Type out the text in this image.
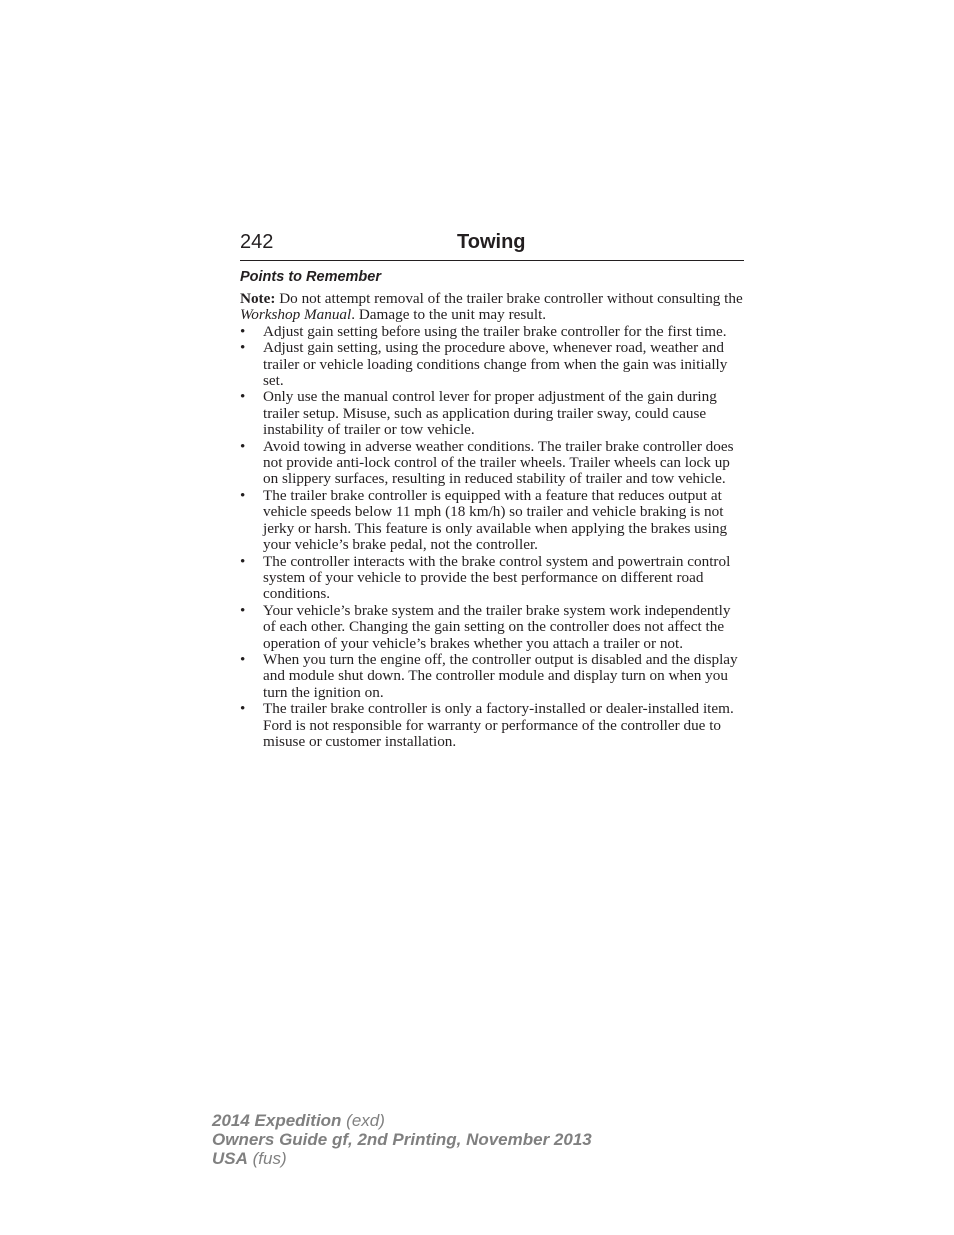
242	Towing
Points to Remember

Note: Do not attempt removal of the trailer brake controller without consulting the Workshop Manual. Damage to the unit may result.

• Adjust gain setting before using the trailer brake controller for the first time.
• Adjust gain setting, using the procedure above, whenever road, weather and trailer or vehicle loading conditions change from when the gain was initially set.
• Only use the manual control lever for proper adjustment of the gain during trailer setup. Misuse, such as application during trailer sway, could cause instability of trailer or tow vehicle.
• Avoid towing in adverse weather conditions. The trailer brake controller does not provide anti-lock control of the trailer wheels. Trailer wheels can lock up on slippery surfaces, resulting in reduced stability of trailer and tow vehicle.
• The trailer brake controller is equipped with a feature that reduces output at vehicle speeds below 11 mph (18 km/h) so trailer and vehicle braking is not jerky or harsh. This feature is only available when applying the brakes using your vehicle’s brake pedal, not the controller.
• The controller interacts with the brake control system and powertrain control system of your vehicle to provide the best performance on different road conditions.
• Your vehicle’s brake system and the trailer brake system work independently of each other. Changing the gain setting on the controller does not affect the operation of your vehicle’s brakes whether you attach a trailer or not.
• When you turn the engine off, the controller output is disabled and the display and module shut down. The controller module and display turn on when you turn the ignition on.
• The trailer brake controller is only a factory-installed or dealer-installed item. Ford is not responsible for warranty or performance of the controller due to misuse or customer installation.
2014 Expedition (exd)
Owners Guide gf, 2nd Printing, November 2013
USA (fus)
